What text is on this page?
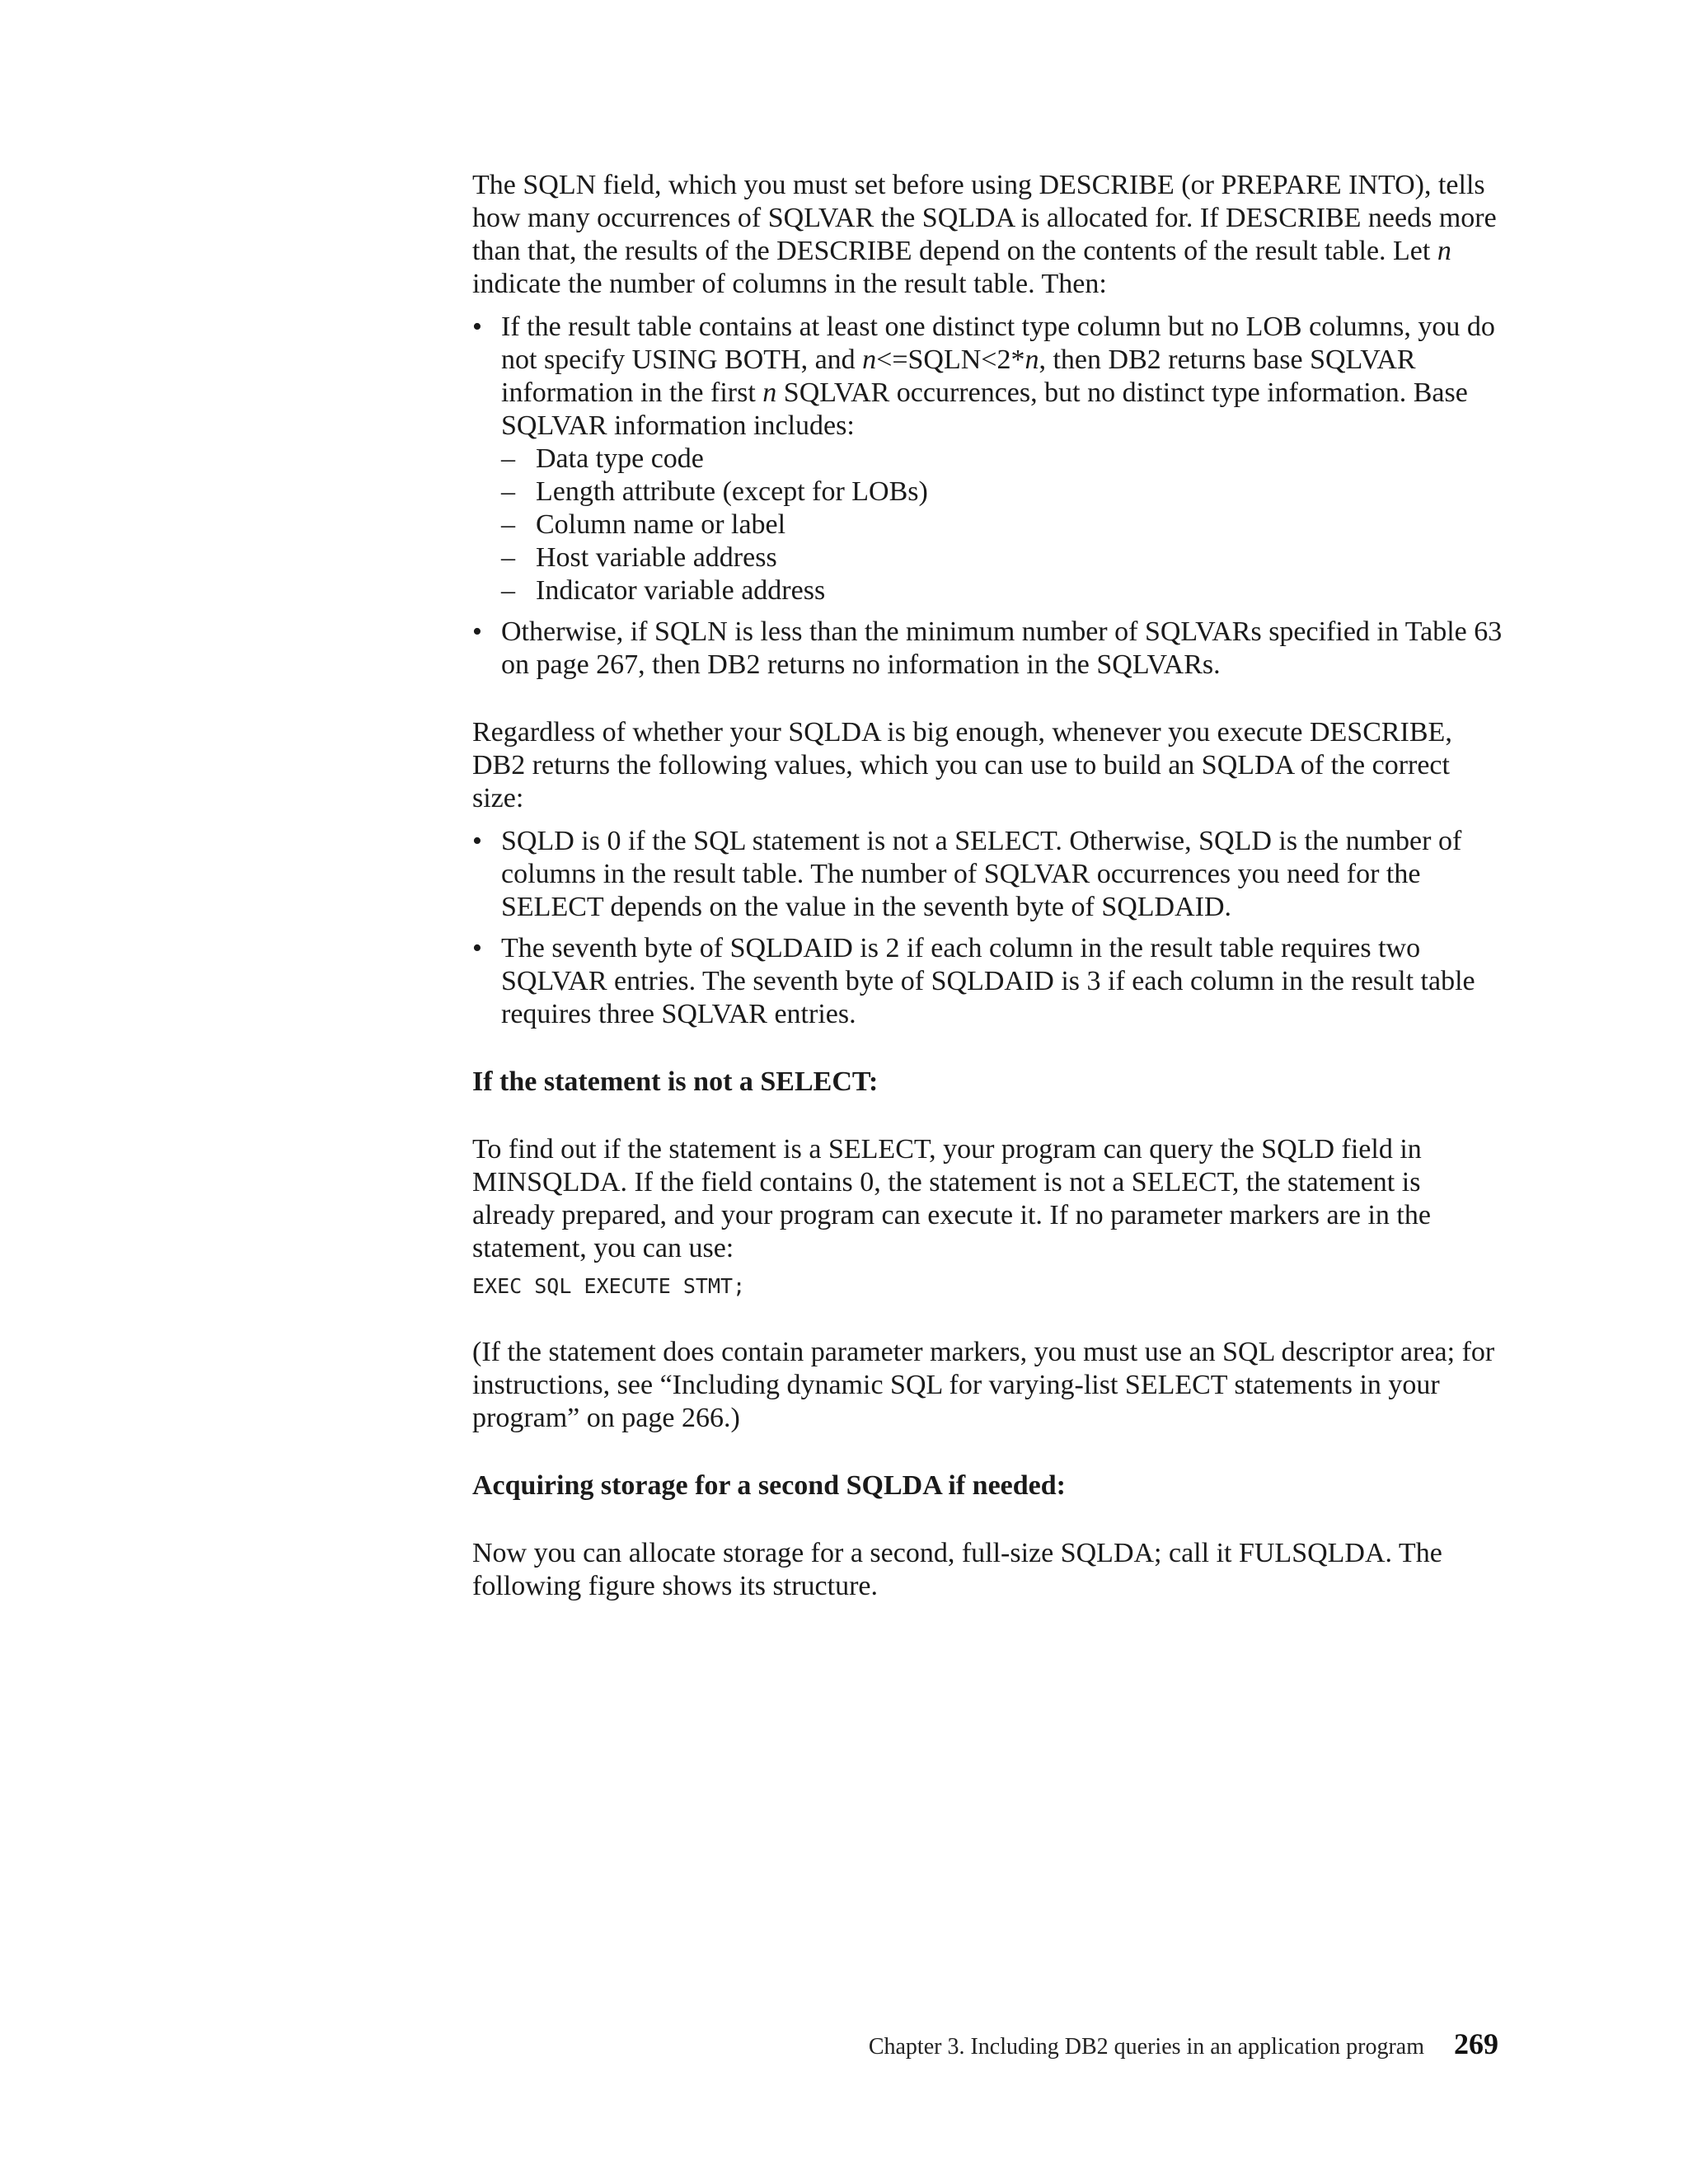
The SQLN field, which you must set before using DESCRIBE (or PREPARE INTO), tells how many occurrences of SQLVAR the SQLDA is allocated for. If DESCRIBE needs more than that, the results of the DESCRIBE depend on the contents of the result table. Let n indicate the number of columns in the result table. Then:

• If the result table contains at least one distinct type column but no LOB columns, you do not specify USING BOTH, and n<=SQLN<2*n, then DB2 returns base SQLVAR information in the first n SQLVAR occurrences, but no distinct type information. Base SQLVAR information includes:
– Data type code
– Length attribute (except for LOBs)
– Column name or label
– Host variable address
– Indicator variable address
• Otherwise, if SQLN is less than the minimum number of SQLVARs specified in Table 63 on page 267, then DB2 returns no information in the SQLVARs.

Regardless of whether your SQLDA is big enough, whenever you execute DESCRIBE, DB2 returns the following values, which you can use to build an SQLDA of the correct size:

• SQLD is 0 if the SQL statement is not a SELECT. Otherwise, SQLD is the number of columns in the result table. The number of SQLVAR occurrences you need for the SELECT depends on the value in the seventh byte of SQLDAID.
• The seventh byte of SQLDAID is 2 if each column in the result table requires two SQLVAR entries. The seventh byte of SQLDAID is 3 if each column in the result table requires three SQLVAR entries.

If the statement is not a SELECT:

To find out if the statement is a SELECT, your program can query the SQLD field in MINSQLDA. If the field contains 0, the statement is not a SELECT, the statement is already prepared, and your program can execute it. If no parameter markers are in the statement, you can use:

EXEC SQL EXECUTE STMT;

(If the statement does contain parameter markers, you must use an SQL descriptor area; for instructions, see “Including dynamic SQL for varying-list SELECT statements in your program” on page 266.)

Acquiring storage for a second SQLDA if needed:

Now you can allocate storage for a second, full-size SQLDA; call it FULSQLDA. The following figure shows its structure.

Chapter 3. Including DB2 queries in an application program 269
